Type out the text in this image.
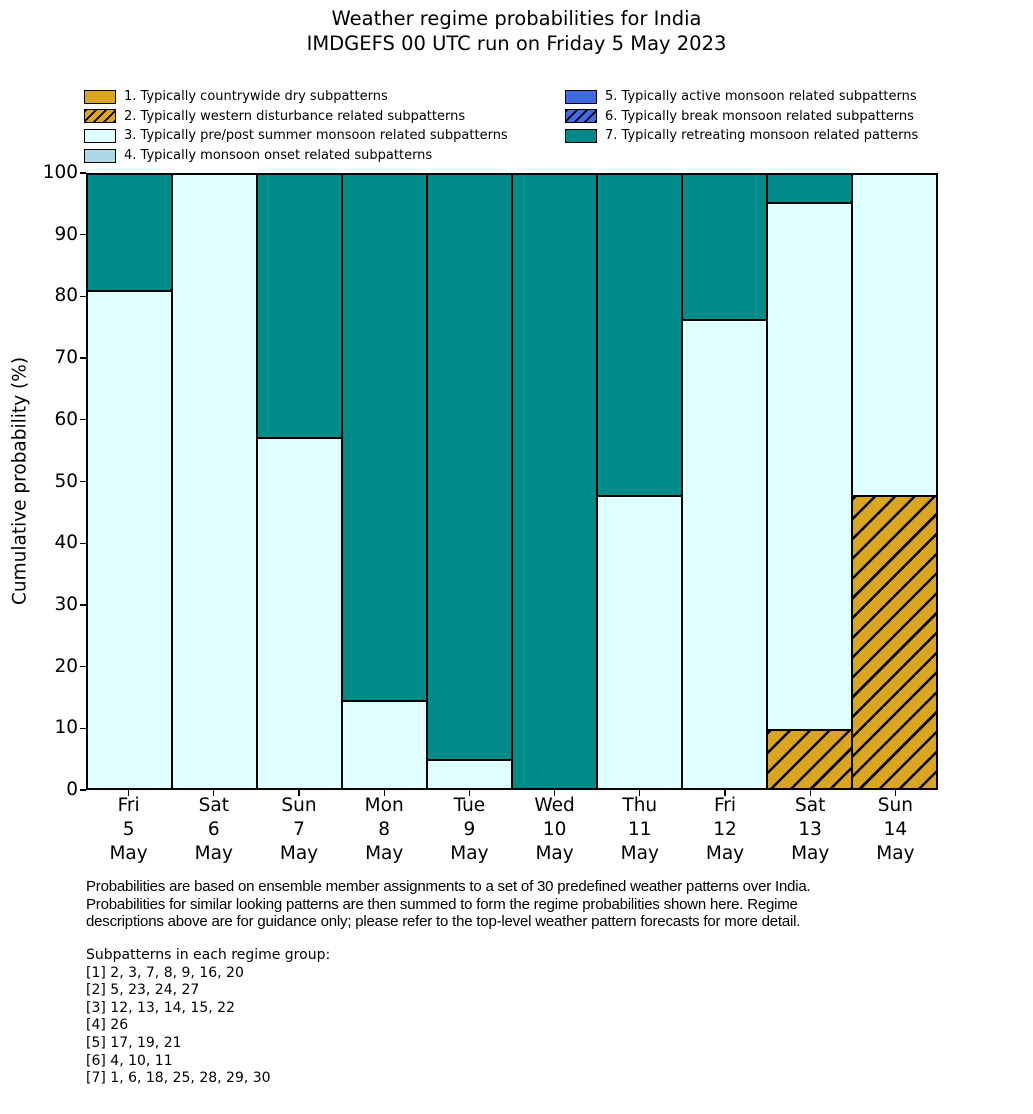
Weather regime probabilities for India
IMDGEFS 00 UTC run on Friday 5 May 2023
1. Typically countrywide dry subpatterns
2. Typically western disturbance related subpatterns
3. Typically pre/post summer monsoon related subpatterns
4. Typically monsoon onset related subpatterns
5. Typically active monsoon related subpatterns
6. Typically break monsoon related subpatterns
7. Typically retreating monsoon related patterns
Cumulative probability (%)
Probabilities are based on ensemble member assignments to a set of 30 predefined weather patterns over India.
Probabilities for similar looking patterns are then summed to form the regime probabilities shown here. Regime
descriptions above are for guidance only; please refer to the top-level weather pattern forecasts for more detail.
Subpatterns in each regime group:
[1] 2, 3, 7, 8, 9, 16, 20
[2] 5, 23, 24, 27
[3] 12, 13, 14, 15, 22
[4] 26
[5] 17, 19, 21
[6] 4, 10, 11
[7] 1, 6, 18, 25, 28, 29, 30
0
10
20
30
40
50
60
70
80
90
100
Fri
5
May
Sat
6
May
Sun
7
May
Mon
8
May
Tue
9
May
Wed
10
May
Thu
11
May
Fri
12
May
Sat
13
May
Sun
14
May
